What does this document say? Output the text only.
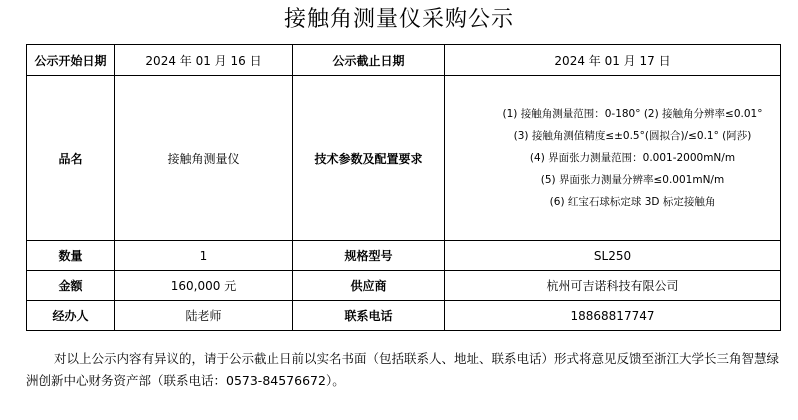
接触角测量仪采购公示
公示开始日期	2024 年 01 月 16 日	公示截止日期	2024 年 01 月 17 日
品名	接触角测量仪	技术参数及配置要求	(1) 接触角测量范围：0-180° (2) 接触角分辨率≤0.01°
(3) 接触角测值精度≤±0.5°(圆拟合)/≤0.1° (阿莎)
(4) 界面张力测量范围：0.001-2000mN/m
(5) 界面张力测量分辨率≤0.001mN/m
(6) 红宝石球标定球 3D 标定接触角

数量	1	规格型号	SL250
金额	160,000 元	供应商	杭州可吉诺科技有限公司
经办人	陆老师	联系电话	18868817747
对以上公示内容有异议的，请于公示截止日前以实名书面（包括联系人、地址、联系电话）形式将意见反馈至浙江大学长三角智慧绿洲创新中心财务资产部（联系电话：0573-84576672）。
